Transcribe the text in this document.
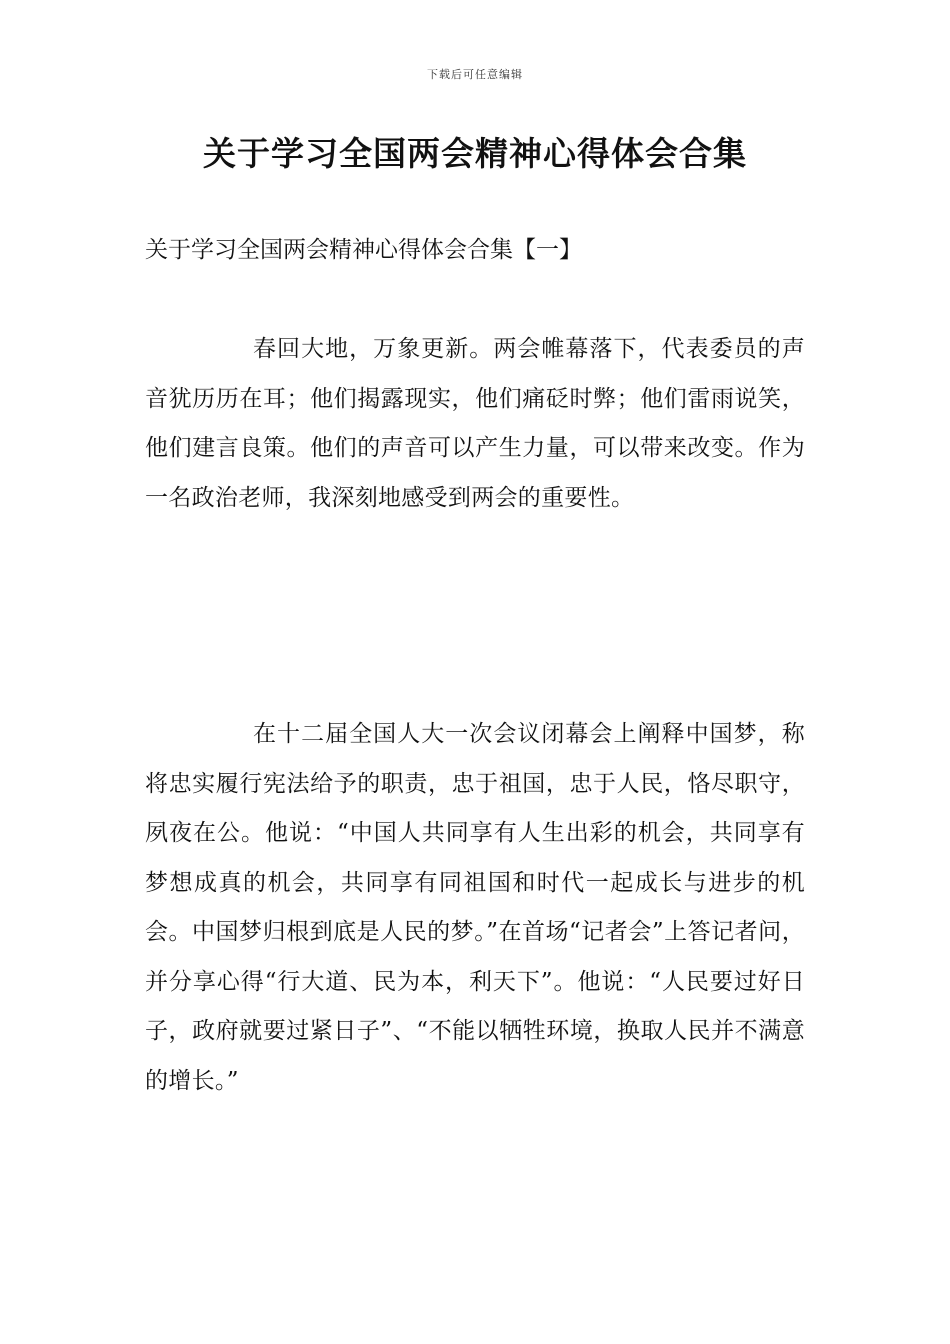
下载后可任意编辑
关于学习全国两会精神心得体会合集
关于学习全国两会精神心得体会合集【一】

春回大地，万象更新。两会帷幕落下，代表委员的声音犹历历在耳；他们揭露现实，他们痛砭时弊；他们雷雨说笑，他们建言良策。他们的声音可以产生力量，可以带来改变。作为一名政治老师，我深刻地感受到两会的重要性。

在十二届全国人大一次会议闭幕会上阐释中国梦，称将忠实履行宪法给予的职责，忠于祖国，忠于人民，恪尽职守，夙夜在公。他说：“中国人共同享有人生出彩的机会，共同享有梦想成真的机会，共同享有同祖国和时代一起成长与进步的机会。中国梦归根到底是人民的梦。”在首场“记者会”上答记者问，并分享心得“行大道、民为本，利天下”。他说：“人民要过好日子，政府就要过紧日子”、“不能以牺牲环境，换取人民并不满意的增长。”
